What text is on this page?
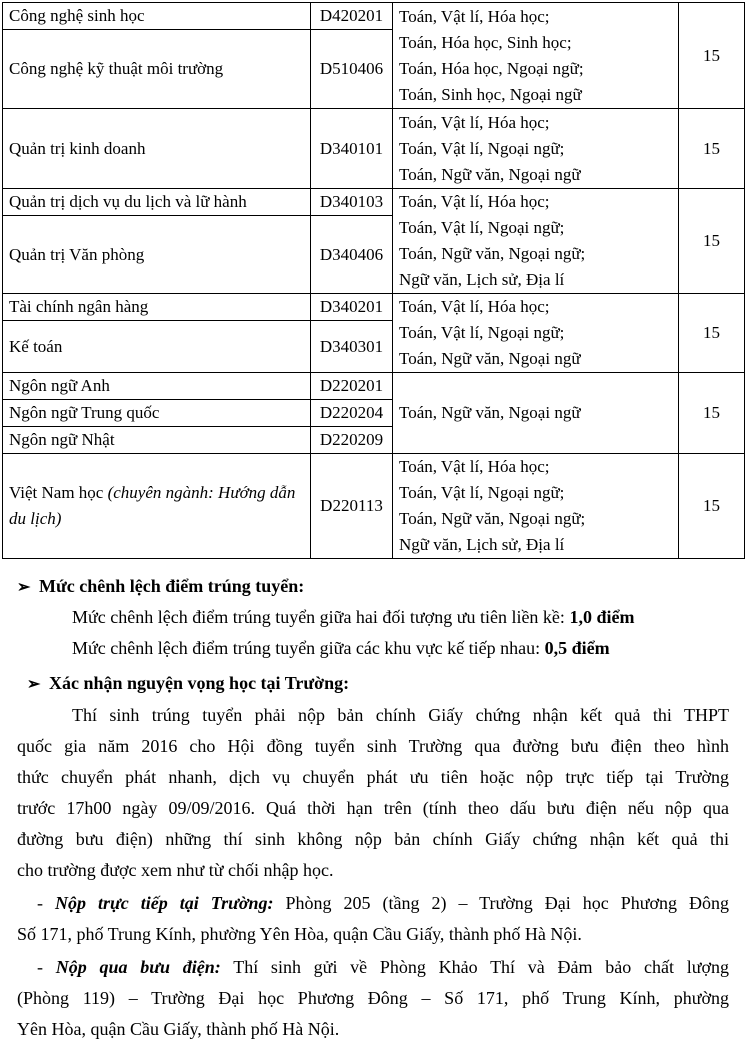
Công nghệ sinh học	D420201	Toán, Vật lí, Hóa học;
Toán, Hóa học, Sinh học;
Toán, Hóa học, Ngoại ngữ;
Toán, Sinh học, Ngoại ngữ	15
Công nghệ kỹ thuật môi trường	D510406		
Quản trị kinh doanh	D340101	Toán, Vật lí, Hóa học;
Toán, Vật lí, Ngoại ngữ;
Toán, Ngữ văn, Ngoại ngữ	15
Quản trị dịch vụ du lịch và lữ hành	D340103	Toán, Vật lí, Hóa học;
Toán, Vật lí, Ngoại ngữ;
Toán, Ngữ văn, Ngoại ngữ;
Ngữ văn, Lịch sử, Địa lí	15
Quản trị Văn phòng	D340406		
Tài chính ngân hàng	D340201	Toán, Vật lí, Hóa học;
Toán, Vật lí, Ngoại ngữ;
Toán, Ngữ văn, Ngoại ngữ	15
Kế toán	D340301		
Ngôn ngữ Anh	D220201	Toán, Ngữ văn, Ngoại ngữ	15
Ngôn ngữ Trung quốc	D220204		
Ngôn ngữ Nhật	D220209		

Việt Nam học (chuyên ngành: Hướng dẫn du lịch)	D220113	Toán, Vật lí, Hóa học;
Toán, Vật lí, Ngoại ngữ;
Toán, Ngữ văn, Ngoại ngữ;
Ngữ văn, Lịch sử, Địa lí	15
➢ Mức chênh lệch điểm trúng tuyển:
Mức chênh lệch điểm trúng tuyển giữa hai đối tượng ưu tiên liền kề: 1,0 điểm
Mức chênh lệch điểm trúng tuyển giữa các khu vực kế tiếp nhau: 0,5 điểm
➢ Xác nhận nguyện vọng học tại Trường:
Thí sinh trúng tuyển phải nộp bản chính Giấy chứng nhận kết quả thi THPT
quốc gia năm 2016 cho Hội đồng tuyển sinh Trường qua đường bưu điện theo hình
thức chuyển phát nhanh, dịch vụ chuyển phát ưu tiên hoặc nộp trực tiếp tại Trường
trước 17h00 ngày 09/09/2016. Quá thời hạn trên (tính theo dấu bưu điện nếu nộp qua
đường bưu điện) những thí sinh không nộp bản chính Giấy chứng nhận kết quả thi
cho trường được xem như từ chối nhập học.
- Nộp trực tiếp tại Trường: Phòng 205 (tầng 2) – Trường Đại học Phương Đông
Số 171, phố Trung Kính, phường Yên Hòa, quận Cầu Giấy, thành phố Hà Nội.
- Nộp qua bưu điện: Thí sinh gửi về Phòng Khảo Thí và Đảm bảo chất lượng
(Phòng 119) – Trường Đại học Phương Đông – Số 171, phố Trung Kính, phường
Yên Hòa, quận Cầu Giấy, thành phố Hà Nội.
